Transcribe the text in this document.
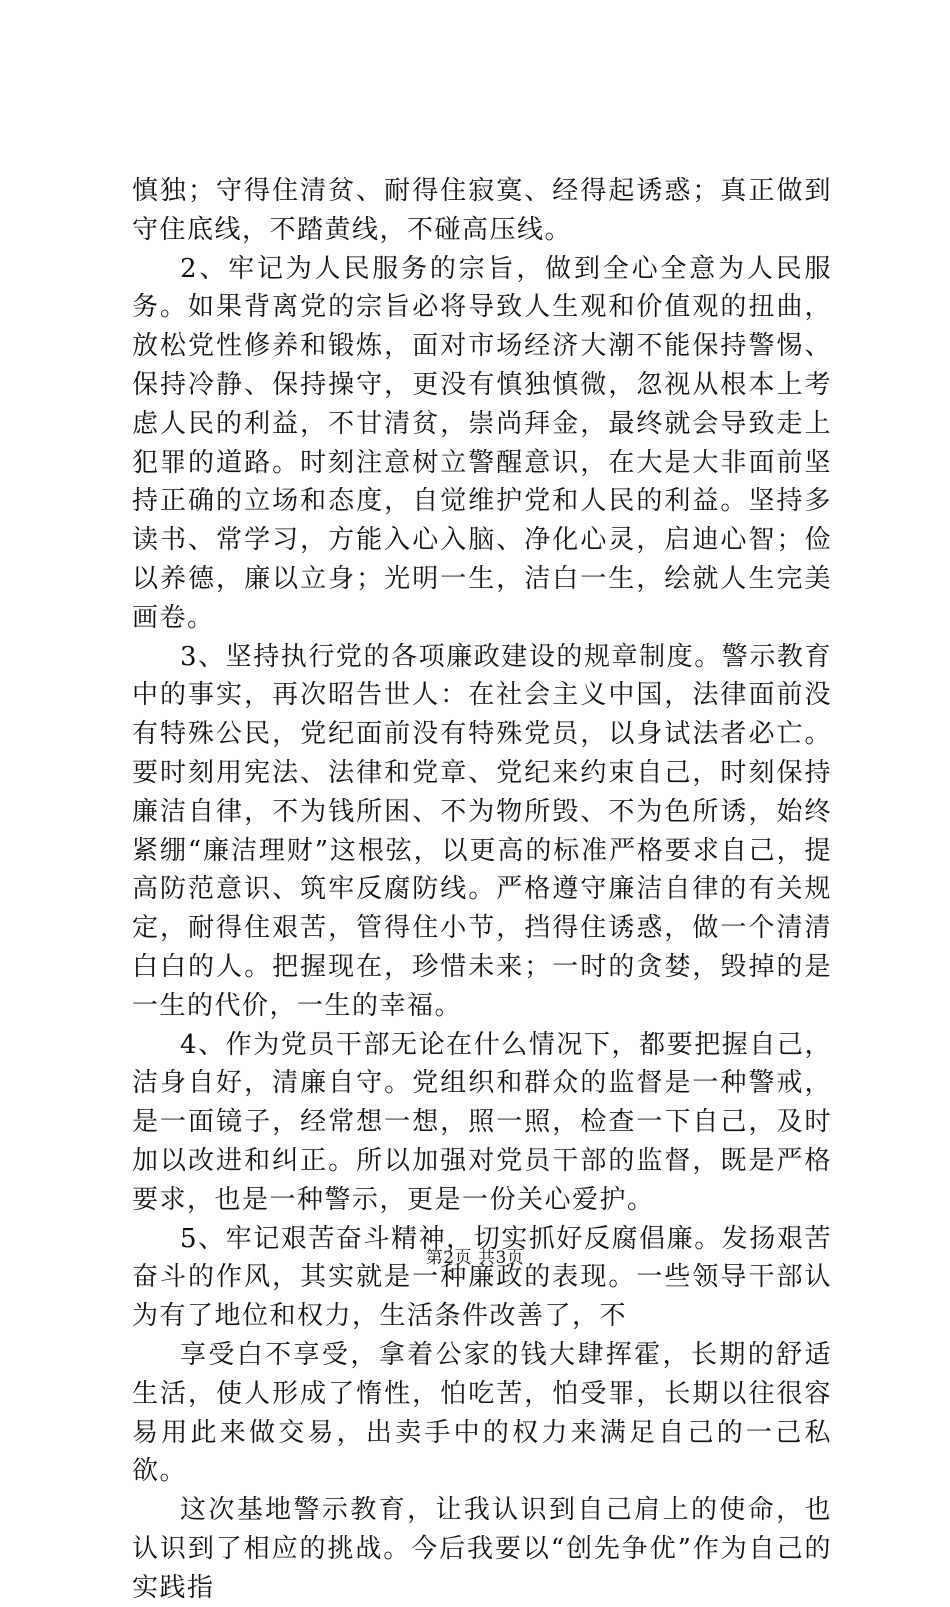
慎独；守得住清贫、耐得住寂寞、经得起诱惑；真正做到守住底线，不踏黄线，不碰高压线。

2、牢记为人民服务的宗旨，做到全心全意为人民服务。如果背离党的宗旨必将导致人生观和价值观的扭曲，放松党性修养和锻炼，面对市场经济大潮不能保持警惕、保持冷静、保持操守，更没有慎独慎微，忽视从根本上考虑人民的利益，不甘清贫，崇尚拜金，最终就会导致走上犯罪的道路。时刻注意树立警醒意识，在大是大非面前坚持正确的立场和态度，自觉维护党和人民的利益。坚持多读书、常学习，方能入心入脑、净化心灵，启迪心智；俭以养德，廉以立身；光明一生，洁白一生，绘就人生完美画卷。

3、坚持执行党的各项廉政建设的规章制度。警示教育中的事实，再次昭告世人：在社会主义中国，法律面前没有特殊公民，党纪面前没有特殊党员，以身试法者必亡。要时刻用宪法、法律和党章、党纪来约束自己，时刻保持廉洁自律，不为钱所困、不为物所毁、不为色所诱，始终紧绷“廉洁理财”这根弦，以更高的标准严格要求自己，提高防范意识、筑牢反腐防线。严格遵守廉洁自律的有关规定，耐得住艰苦，管得住小节，挡得住诱惑，做一个清清白白的人。把握现在，珍惜未来；一时的贪婪，毁掉的是一生的代价，一生的幸福。

4、作为党员干部无论在什么情况下，都要把握自己，洁身自好，清廉自守。党组织和群众的监督是一种警戒，是一面镜子，经常想一想，照一照，检查一下自己，及时加以改进和纠正。所以加强对党员干部的监督，既是严格要求，也是一种警示，更是一份关心爱护。

5、牢记艰苦奋斗精神，切实抓好反腐倡廉。发扬艰苦奋斗的作风，其实就是一种廉政的表现。一些领导干部认为有了地位和权力，生活条件改善了，不

享受白不享受，拿着公家的钱大肆挥霍，长期的舒适生活，使人形成了惰性，怕吃苦，怕受罪，长期以往很容易用此来做交易，出卖手中的权力来满足自己的一己私欲。

这次基地警示教育，让我认识到自己肩上的使命，也认识到了相应的挑战。今后我要以“创先争优”作为自己的实践指

第2页 共3页
